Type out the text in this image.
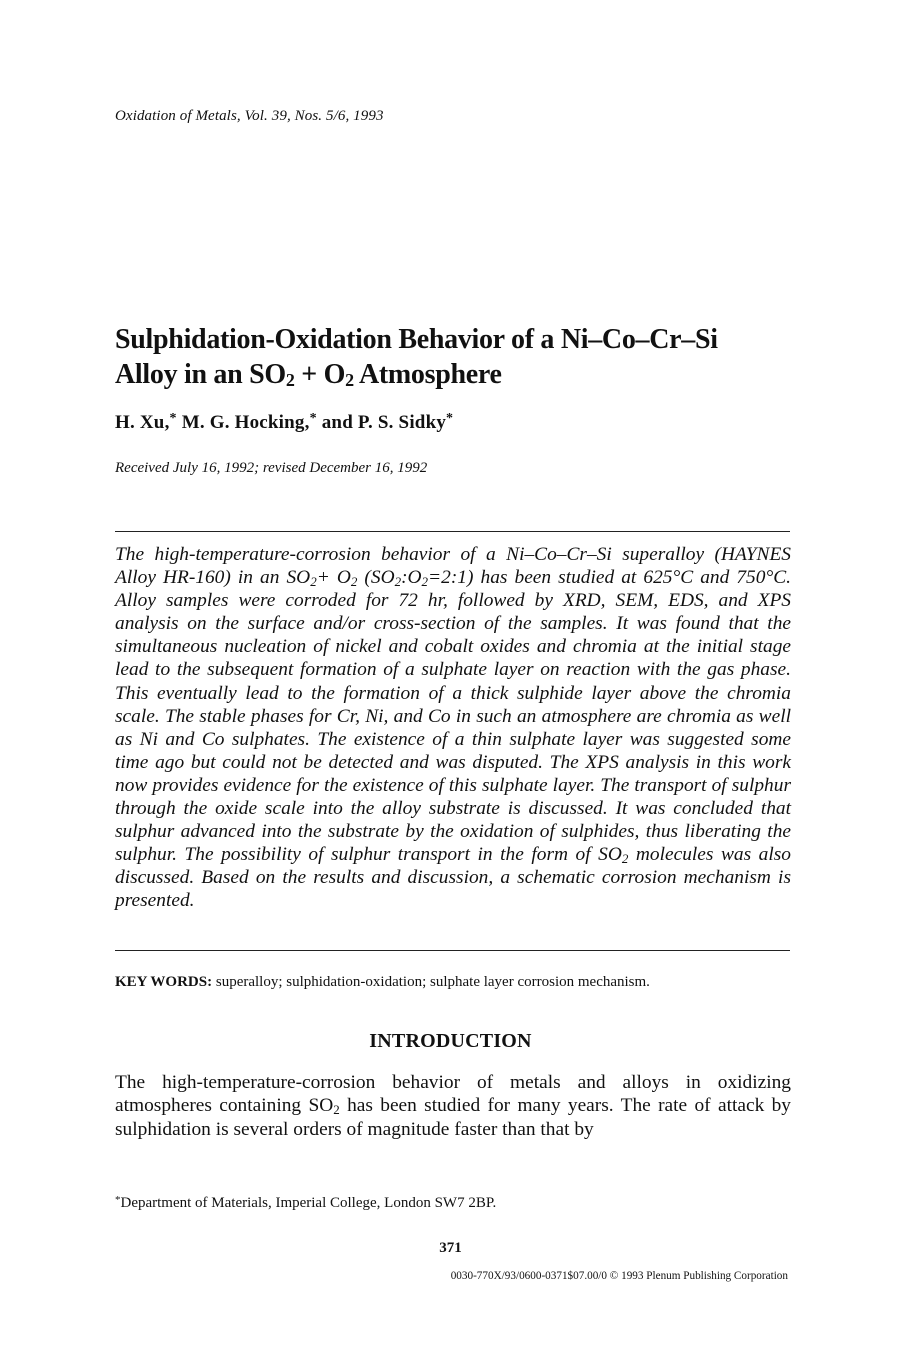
Oxidation of Metals, Vol. 39, Nos. 5/6, 1993
Sulphidation-Oxidation Behavior of a Ni–Co–Cr–Si
Alloy in an $SO_2 + O_2$ Atmosphere
H. Xu,* M. G. Hocking,* and P. S. Sidky*
Received July 16, 1992; revised December 16, 1992
The high-temperature-corrosion behavior of a Ni–Co–Cr–Si superalloy (HAYNES Alloy HR-160) in an $SO_2+ O_2$ $(SO_2:O_2=2:1)$ has been studied at 625°C and 750°C. Alloy samples were corroded for 72 hr, followed by XRD, SEM, EDS, and XPS analysis on the surface and/or cross-section of the samples. It was found that the simultaneous nucleation of nickel and cobalt oxides and chromia at the initial stage lead to the subsequent formation of a sulphate layer on reaction with the gas phase. This eventually lead to the formation of a thick sulphide layer above the chromia scale. The stable phases for Cr, Ni, and Co in such an atmosphere are chromia as well as Ni and Co sulphates. The existence of a thin sulphate layer was suggested some time ago but could not be detected and was disputed. The XPS analysis in this work now provides evidence for the existence of this sulphate layer. The transport of sulphur through the oxide scale into the alloy substrate is discussed. It was concluded that sulphur advanced into the substrate by the oxidation of sulphides, thus liberating the sulphur. The possibility of sulphur transport in the form of $SO_2$ molecules was also discussed. Based on the results and discussion, a schematic corrosion mechanism is presented.
KEY WORDS: superalloy; sulphidation-oxidation; sulphate layer corrosion mechanism.
INTRODUCTION
The high-temperature-corrosion behavior of metals and alloys in oxidizing atmospheres containing $SO_2$ has been studied for many years. The rate of attack by sulphidation is several orders of magnitude faster than that by
*Department of Materials, Imperial College, London SW7 2BP.
371
0030-770X/93/0600-0371$07.00/0 © 1993 Plenum Publishing Corporation
